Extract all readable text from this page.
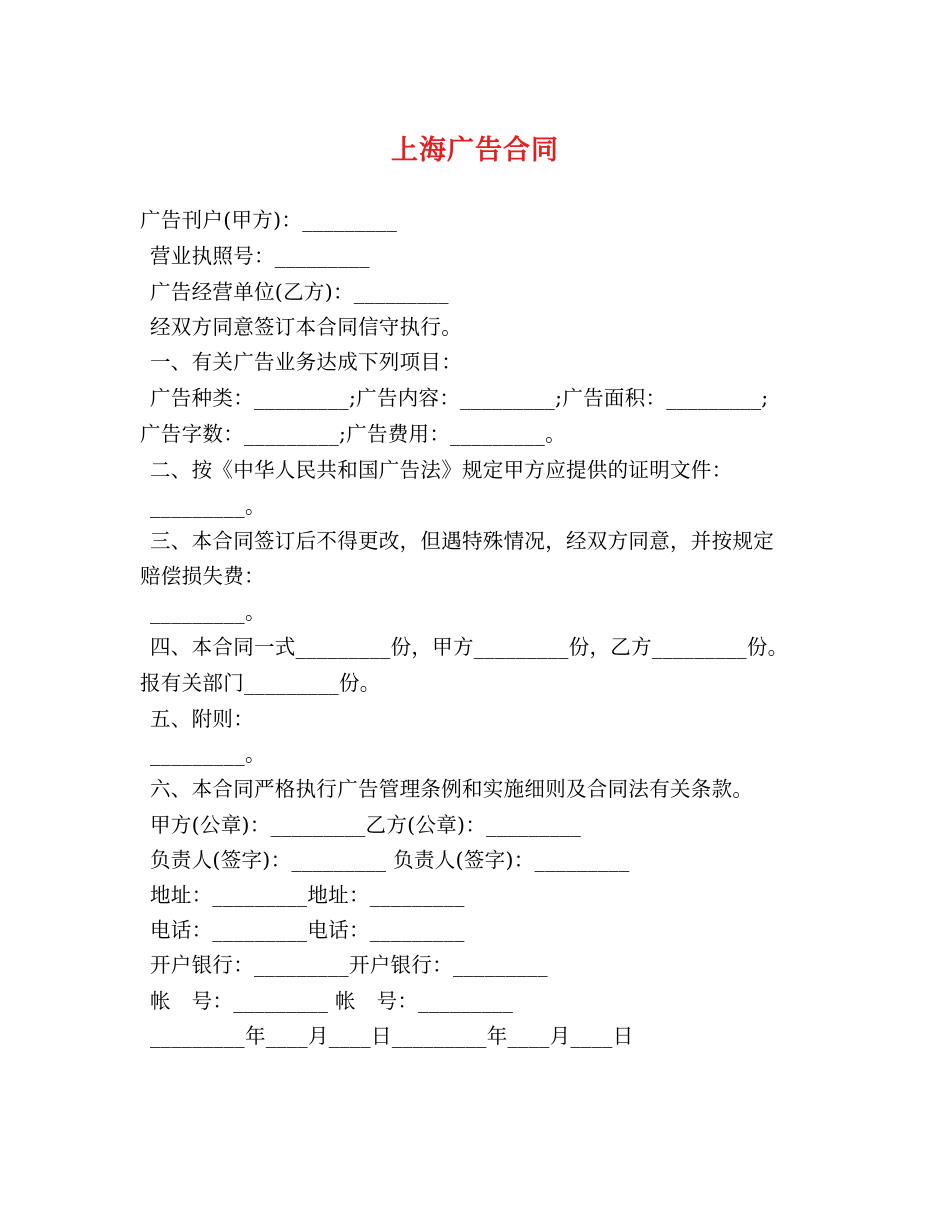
上海广告合同
广告刊户(甲方)：_________
营业执照号：_________
广告经营单位(乙方)：_________
经双方同意签订本合同信守执行。
一、有关广告业务达成下列项目：
广告种类：_________;广告内容：_________;广告面积：_________;
广告字数：_________;广告费用：_________。
二、按《中华人民共和国广告法》规定甲方应提供的证明文件：
_________。
三、本合同签订后不得更改，但遇特殊情况，经双方同意，并按规定
赔偿损失费：
_________。
四、本合同一式_________份，甲方_________份，乙方_________份。
报有关部门_________份。
五、附则：
_________。
六、本合同严格执行广告管理条例和实施细则及合同法有关条款。
甲方(公章)：_________乙方(公章)：_________
负责人(签字)：_________ 负责人(签字)：_________
地址：_________地址：_________
电话：_________电话：_________
开户银行：_________开户银行：_________
帐　号：_________ 帐　号：_________
_________年____月____日_________年____月____日
